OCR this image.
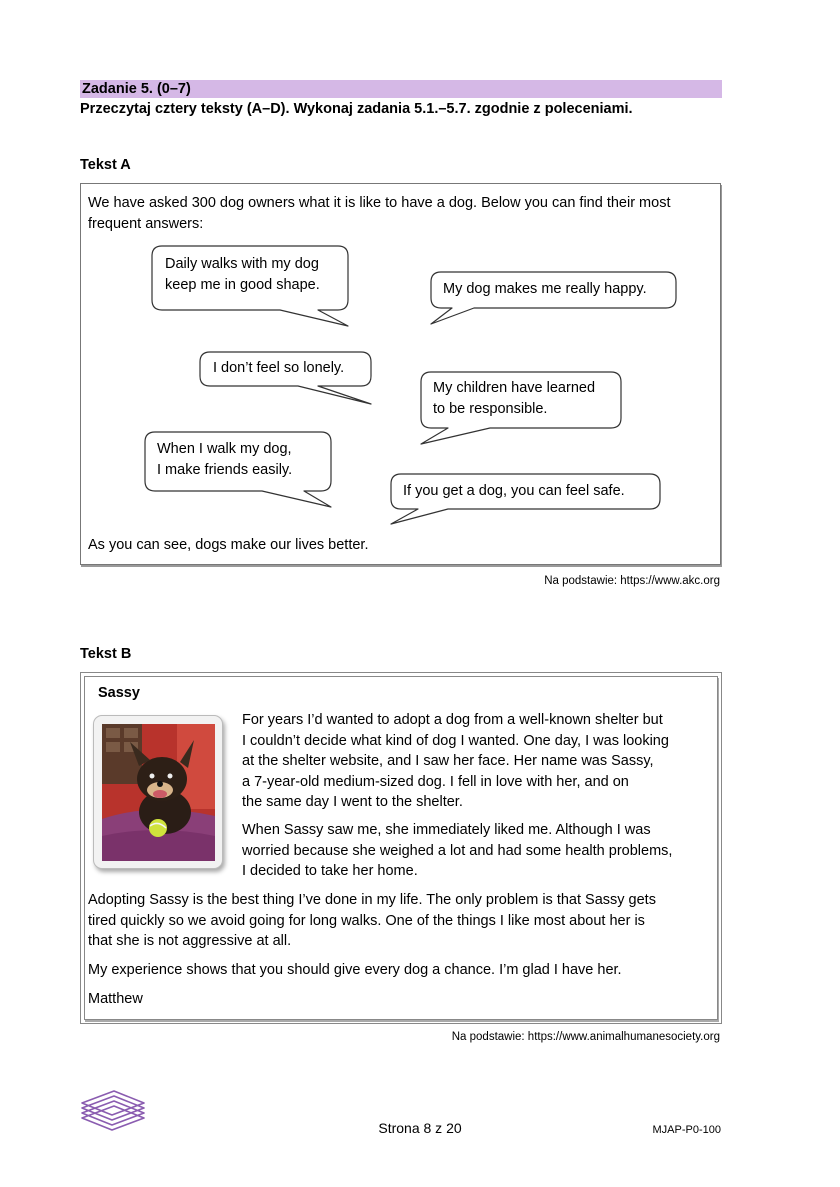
Zadanie 5. (0–7)
Przeczytaj cztery teksty (A–D). Wykonaj zadania 5.1.–5.7. zgodnie z poleceniami.
Tekst A
We have asked 300 dog owners what it is like to have a dog. Below you can find their most frequent answers:
Daily walks with my dog
keep me in good shape.	My dog makes me really happy.
I don’t feel so lonely.
My children have learned
to be responsible.
When I walk my dog,
I make friends easily.
If you get a dog, you can feel safe.
As you can see, dogs make our lives better.
Na podstawie: https://www.akc.org
Tekst B
Sassy
For years I’d wanted to adopt a dog from a well-known shelter but
I couldn’t decide what kind of dog I wanted. One day, I was looking
at the shelter website, and I saw her face. Her name was Sassy,
a 7-year-old medium-sized dog. I fell in love with her, and on
the same day I went to the shelter.
When Sassy saw me, she immediately liked me. Although I was
worried because she weighed a lot and had some health problems,
I decided to take her home.
Adopting Sassy is the best thing I’ve done in my life. The only problem is that Sassy gets
tired quickly so we avoid going for long walks. One of the things I like most about her is
that she is not aggressive at all.
My experience shows that you should give every dog a chance. I’m glad I have her.
Matthew
Na podstawie: https://www.animalhumanesociety.org
Strona 8 z 20	MJAP-P0-100
